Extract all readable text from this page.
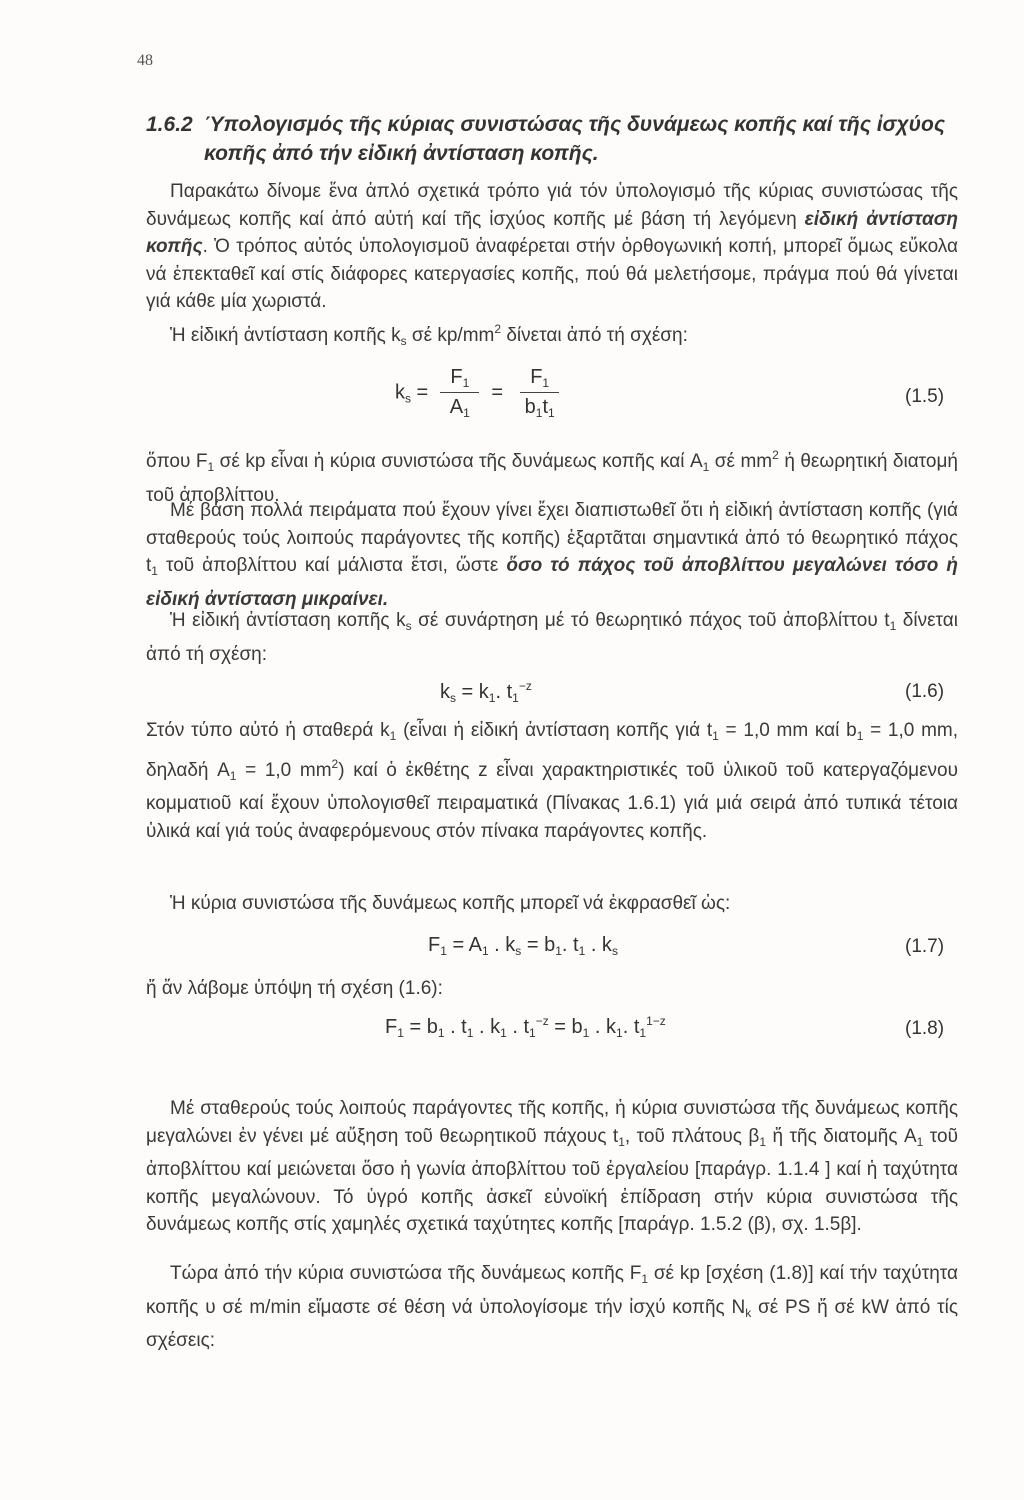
48
1.6.2 Ύπολογισμός τῆς κύριας συνιστώσας τῆς δυνάμεως κοπῆς καί τῆς ἰσχύος
κοπῆς ἀπό τήν εἰδική ἀντίσταση κοπῆς.
Παρακάτω δίνομε ἕνα ἁπλό σχετικά τρόπο γιά τόν ὑπολογισμό τῆς κύριας συνιστώσας τῆς δυνάμεως κοπῆς καί ἀπό αὐτή καί τῆς ἰσχύος κοπῆς μέ βάση τή λεγόμενη εἰδική ἀντίσταση κοπῆς. Ὁ τρόπος αὐτός ὑπολογισμοῦ ἀναφέρεται στήν ὀρθογωνική κοπή, μπορεῖ ὅμως εὔκολα νά ἐπεκταθεῖ καί στίς διάφορες κατεργασίες κοπῆς, πού θά μελετήσομε, πράγμα πού θά γίνεται γιά κάθε μία χωριστά.
Ἡ εἰδική ἀντίσταση κοπῆς $k_s$ σέ $kp/mm^2$ δίνεται ἀπό τή σχέση:
$k_s = \frac{F_1}{A_1} = \frac{F_1}{b_1t_1}$	(1.5)
ὅπου $F_1$ σέ kp εἶναι ἡ κύρια συνιστώσα τῆς δυνάμεως κοπῆς καί $A_1$ σέ $mm^2$ ἡ θεωρητική διατομή τοῦ ἀποβλίττου.
Μέ βάση πολλά πειράματα πού ἔχουν γίνει ἔχει διαπιστωθεῖ ὅτι ἡ εἰδική ἀντίσταση κοπῆς (γιά σταθερούς τούς λοιπούς παράγοντες τῆς κοπῆς) ἐξαρτᾶται σημαντικά ἀπό τό θεωρητικό πάχος $t_1$ τοῦ ἀποβλίττου καί μάλιστα ἔτσι, ὥστε ὅσο τό πάχος τοῦ ἀποβλίττου μεγαλώνει τόσο ἡ εἰδική ἀντίσταση μικραίνει.
Ἡ εἰδική ἀντίσταση κοπῆς $k_s$ σέ συνάρτηση μέ τό θεωρητικό πάχος τοῦ ἀποβλίττου $t_1$ δίνεται ἀπό τή σχέση:
$k_s = k_1$. $t_1^{-z}$	(1.6)
Στόν τύπο αὐτό ἡ σταθερά $k_1$ (εἶναι ἡ εἰδική ἀντίσταση κοπῆς γιά $t_1 = 1,0$ mm καί $b_1 = 1,0$ mm, δηλαδή $A_1 = 1,0$ $mm^2$) καί ὁ ἐκθέτης z εἶναι χαρακτηριστικές τοῦ ὑλικοῦ τοῦ κατεργαζόμενου κομματιοῦ καί ἔχουν ὑπολογισθεῖ πειραματικά (Πίνακας 1.6.1) γιά μιά σειρά ἀπό τυπικά τέτοια ὑλικά καί γιά τούς ἀναφερόμενους στόν πίνακα παράγοντες κοπῆς.
Ἡ κύρια συνιστώσα τῆς δυνάμεως κοπῆς μπορεῖ νά ἐκφρασθεῖ ὡς:
$F_1 = A_1$ . $k_s = b_1$. $t_1$ . $k_s$	(1.7)
ἤ ἄν λάβομε ὑπόψη τή σχέση (1.6):
$F_1 = b_1$ . $t_1$ . $k_1$ . $t_1^{-z} = b_1$ . $k_1$. $t_1^{1-z}$	(1.8)
Μέ σταθερούς τούς λοιπούς παράγοντες τῆς κοπῆς, ἡ κύρια συνιστώσα τῆς δυνάμεως κοπῆς μεγαλώνει ἐν γένει μέ αὔξηση τοῦ θεωρητικοῦ πάχους $t_1$, τοῦ πλάτους $\beta_1$ ἤ τῆς διατομῆς $A_1$ τοῦ ἀποβλίττου καί μειώνεται ὅσο ἡ γωνία ἀποβλίττου τοῦ ἐργαλείου [παράγρ. 1.1.4 ] καί ἡ ταχύτητα κοπῆς μεγαλώνουν. Τό ὑγρό κοπῆς ἀσκεῖ εὐνοϊκή ἐπίδραση στήν κύρια συνιστώσα τῆς δυνάμεως κοπῆς στίς χαμηλές σχετικά ταχύτητες κοπῆς [παράγρ. 1.5.2 (β), σχ. 1.5β].
Τώρα ἀπό τήν κύρια συνιστώσα τῆς δυνάμεως κοπῆς $F_1$ σέ kp [σχέση (1.8)] καί τήν ταχύτητα κοπῆς υ σέ m/min εἴμαστε σέ θέση νά ὑπολογίσομε τήν ἰσχύ κοπῆς $N_k$ σέ PS ἤ σέ kW ἀπό τίς σχέσεις:
